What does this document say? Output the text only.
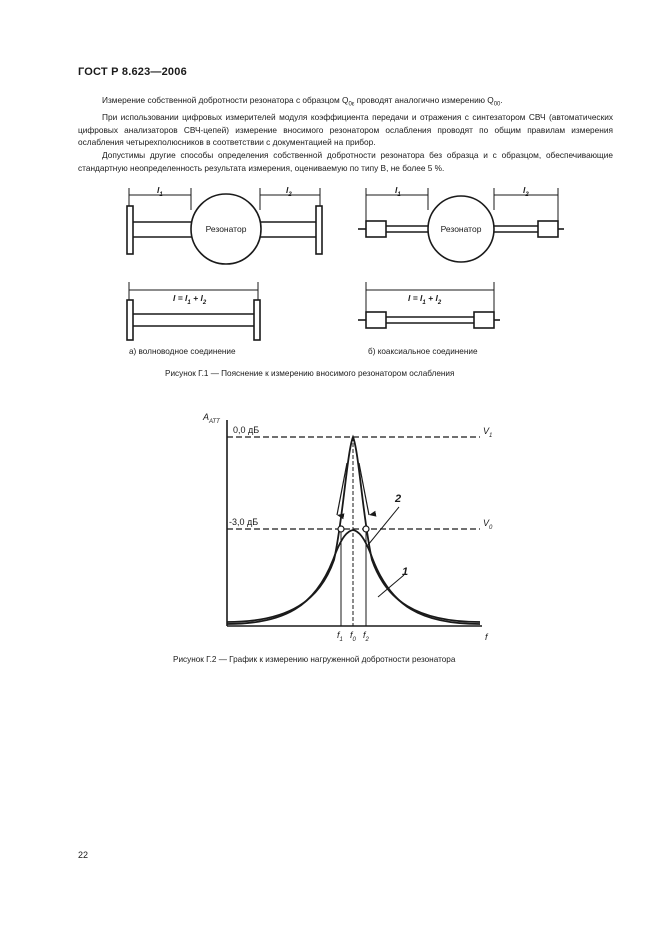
ГОСТ Р 8.623—2006

Измерение собственной добротности резонатора с образцом $Q_{0\varepsilon}$ проводят аналогично измерению $Q_{00}$.

При использовании цифровых измерителей модуля коэффициента передачи и отражения с синтезатором СВЧ (автоматических цифровых анализаторов СВЧ-цепей) измерение вносимого резонатором ослабления проводят по общим правилам измерения ослабления четырехполюсников в соответствии с документацией на прибор.

Допустимы другие способы определения собственной добротности резонатора без образца и с образцом, обеспечивающие стандартную неопределенность результата измерения, оцениваемую по типу В, не более 5 %.

Резонатор	Резонатор
$l_1$	$l_2$	$l_1$	$l_2$
$l = l_1 + l_2$	$l = l_1 + l_2$
а) волноводное соединение	б) коаксиальное соединение
Рисунок Г.1 — Пояснение к измерению вносимого резонатором ослабления
$A_{АТТ}$
0,0 дБ
-3,0 дБ
$V_1$
$V_0$
2
1
f
$f_1$ $f_0$ $f_2$
Рисунок Г.2 — График к измерению нагруженной добротности резонатора
22
